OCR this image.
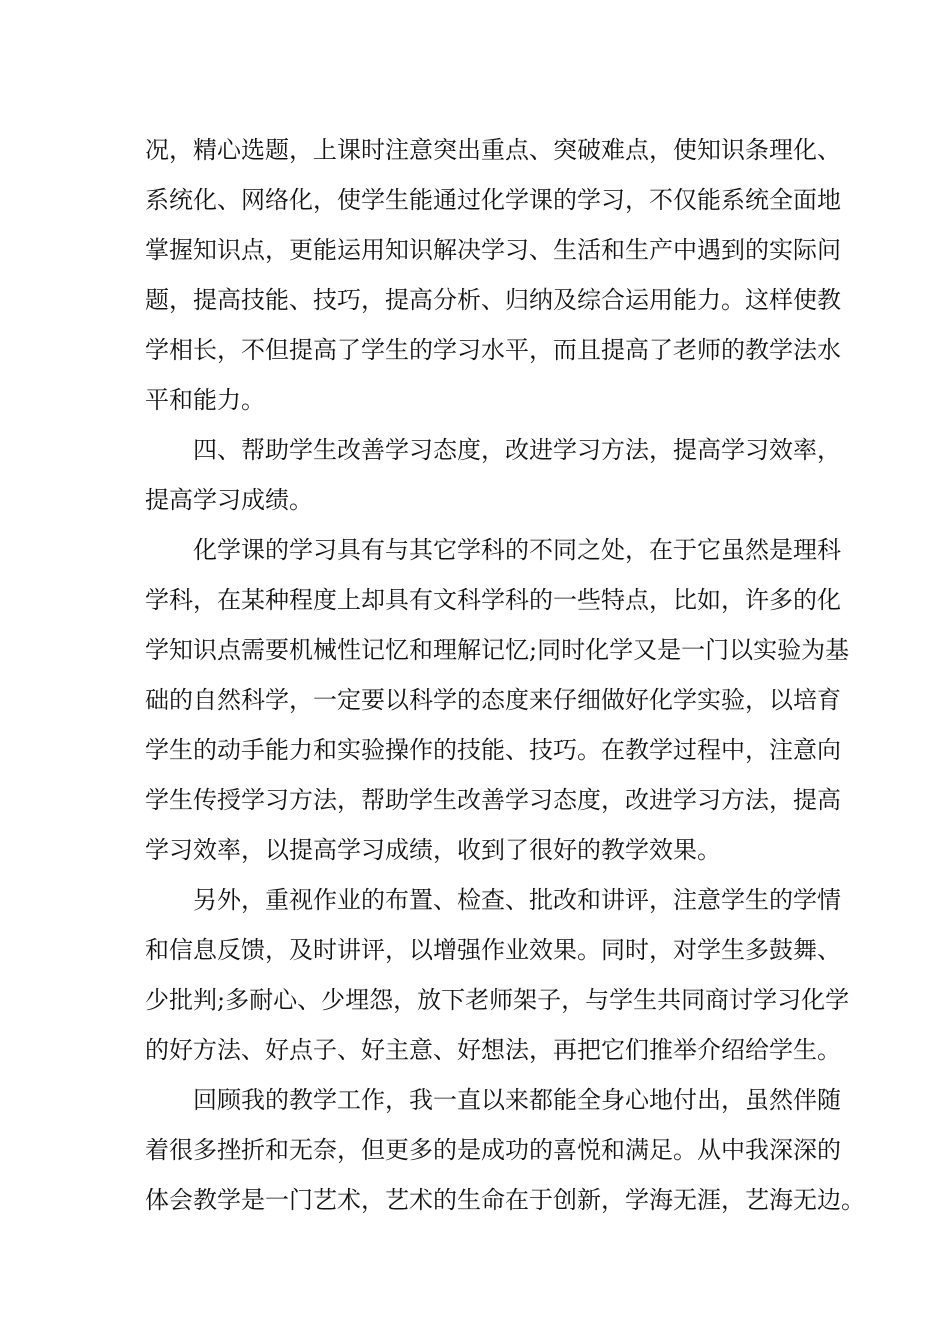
况，精心选题，上课时注意突出重点、突破难点，使知识条理化、
系统化、网络化，使学生能通过化学课的学习，不仅能系统全面地
掌握知识点，更能运用知识解决学习、生活和生产中遇到的实际问
题，提高技能、技巧，提高分析、归纳及综合运用能力。这样使教
学相长，不但提高了学生的学习水平，而且提高了老师的教学法水
平和能力。
四、帮助学生改善学习态度，改进学习方法，提高学习效率，
提高学习成绩。
化学课的学习具有与其它学科的不同之处，在于它虽然是理科
学科，在某种程度上却具有文科学科的一些特点，比如，许多的化
学知识点需要机械性记忆和理解记忆;同时化学又是一门以实验为基
础的自然科学，一定要以科学的态度来仔细做好化学实验，以培育
学生的动手能力和实验操作的技能、技巧。在教学过程中，注意向
学生传授学习方法，帮助学生改善学习态度，改进学习方法，提高
学习效率，以提高学习成绩，收到了很好的教学效果。
另外，重视作业的布置、检查、批改和讲评，注意学生的学情
和信息反馈，及时讲评，以增强作业效果。同时，对学生多鼓舞、
少批判;多耐心、少埋怨，放下老师架子，与学生共同商讨学习化学
的好方法、好点子、好主意、好想法，再把它们推举介绍给学生。
回顾我的教学工作，我一直以来都能全身心地付出，虽然伴随
着很多挫折和无奈，但更多的是成功的喜悦和满足。从中我深深的
体会教学是一门艺术，艺术的生命在于创新，学海无涯，艺海无边。
